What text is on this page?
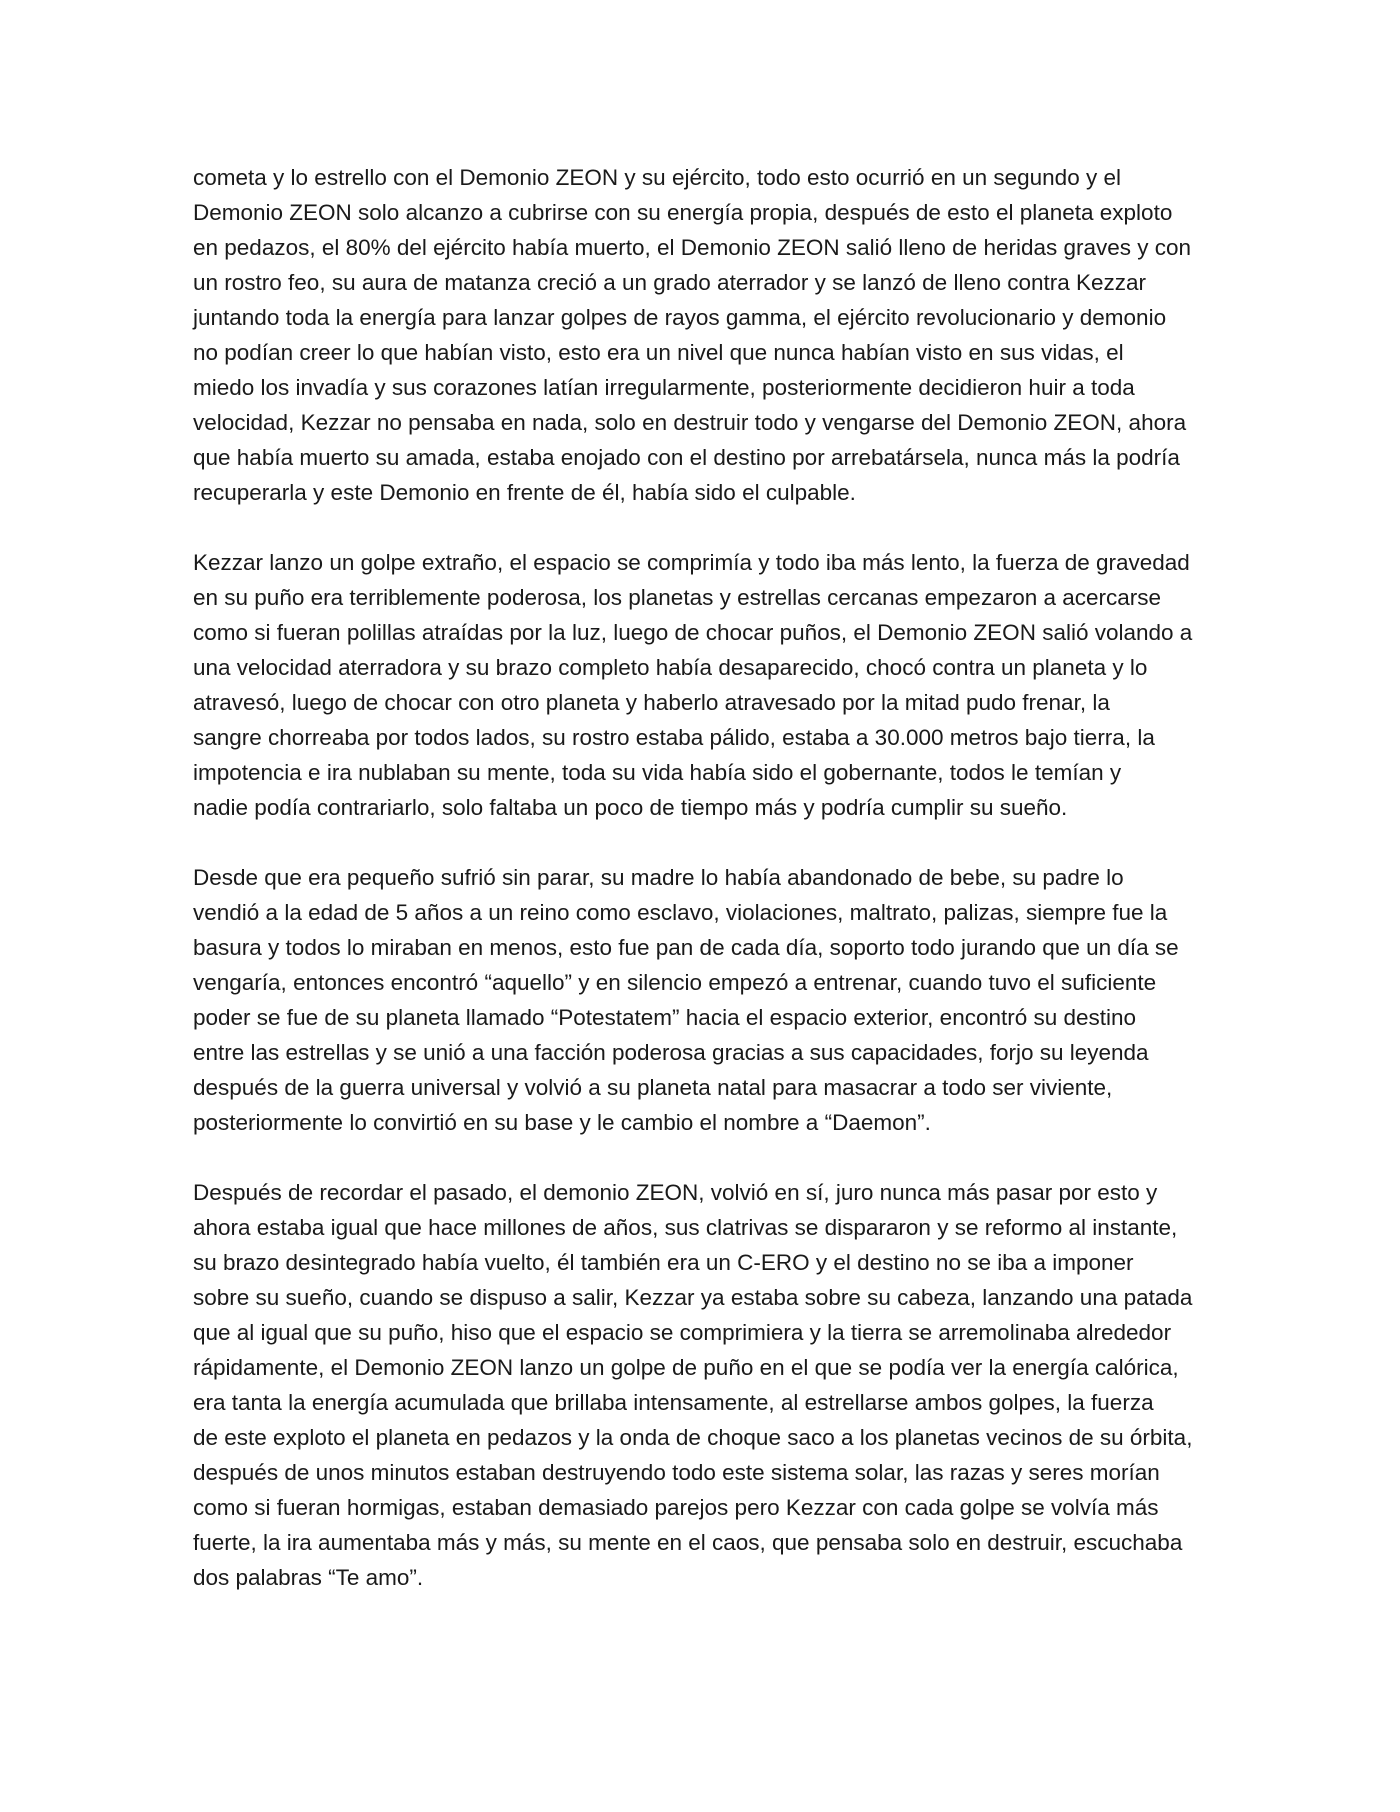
cometa y lo estrello con el Demonio ZEON y su ejército, todo esto ocurrió en un segundo y el
Demonio ZEON solo alcanzo a cubrirse con su energía propia, después de esto el planeta exploto
en pedazos, el 80% del ejército había muerto, el Demonio ZEON salió lleno de heridas graves y con
un rostro feo, su aura de matanza creció a un grado aterrador y se lanzó de lleno contra Kezzar
juntando toda la energía para lanzar golpes de rayos gamma, el ejército revolucionario y demonio
no podían creer lo que habían visto, esto era un nivel que nunca habían visto en sus vidas, el
miedo los invadía y sus corazones latían irregularmente, posteriormente decidieron huir a toda
velocidad, Kezzar no pensaba en nada, solo en destruir todo y vengarse del Demonio ZEON, ahora
que había muerto su amada, estaba enojado con el destino por arrebatársela, nunca más la podría
recuperarla y este Demonio en frente de él, había sido el culpable.

Kezzar lanzo un golpe extraño, el espacio se comprimía y todo iba más lento, la fuerza de gravedad
en su puño era terriblemente poderosa, los planetas y estrellas cercanas empezaron a acercarse
como si fueran polillas atraídas por la luz, luego de chocar puños, el Demonio ZEON salió volando a
una velocidad aterradora y su brazo completo había desaparecido, chocó contra un planeta y lo
atravesó, luego de chocar con otro planeta y haberlo atravesado por la mitad pudo frenar, la
sangre chorreaba por todos lados, su rostro estaba pálido, estaba a 30.000 metros bajo tierra, la
impotencia e ira nublaban su mente, toda su vida había sido el gobernante, todos le temían y
nadie podía contrariarlo, solo faltaba un poco de tiempo más y podría cumplir su sueño.

Desde que era pequeño sufrió sin parar, su madre lo había abandonado de bebe, su padre lo
vendió a la edad de 5 años a un reino como esclavo, violaciones, maltrato, palizas, siempre fue la
basura y todos lo miraban en menos, esto fue pan de cada día, soporto todo jurando que un día se
vengaría, entonces encontró “aquello” y en silencio empezó a entrenar, cuando tuvo el suficiente
poder se fue de su planeta llamado “Potestatem” hacia el espacio exterior, encontró su destino
entre las estrellas y se unió a una facción poderosa gracias a sus capacidades, forjo su leyenda
después de la guerra universal y volvió a su planeta natal para masacrar a todo ser viviente,
posteriormente lo convirtió en su base y le cambio el nombre a “Daemon”.

Después de recordar el pasado, el demonio ZEON, volvió en sí, juro nunca más pasar por esto y
ahora estaba igual que hace millones de años, sus clatrivas se dispararon y se reformo al instante,
su brazo desintegrado había vuelto, él también era un C-ERO y el destino no se iba a imponer
sobre su sueño, cuando se dispuso a salir, Kezzar ya estaba sobre su cabeza, lanzando una patada
que al igual que su puño, hiso que el espacio se comprimiera y la tierra se arremolinaba alrededor
rápidamente, el Demonio ZEON lanzo un golpe de puño en el que se podía ver la energía calórica,
era tanta la energía acumulada que brillaba intensamente, al estrellarse ambos golpes, la fuerza
de este exploto el planeta en pedazos y la onda de choque saco a los planetas vecinos de su órbita,
después de unos minutos estaban destruyendo todo este sistema solar, las razas y seres morían
como si fueran hormigas, estaban demasiado parejos pero Kezzar con cada golpe se volvía más
fuerte, la ira aumentaba más y más, su mente en el caos, que pensaba solo en destruir, escuchaba
dos palabras “Te amo”.
